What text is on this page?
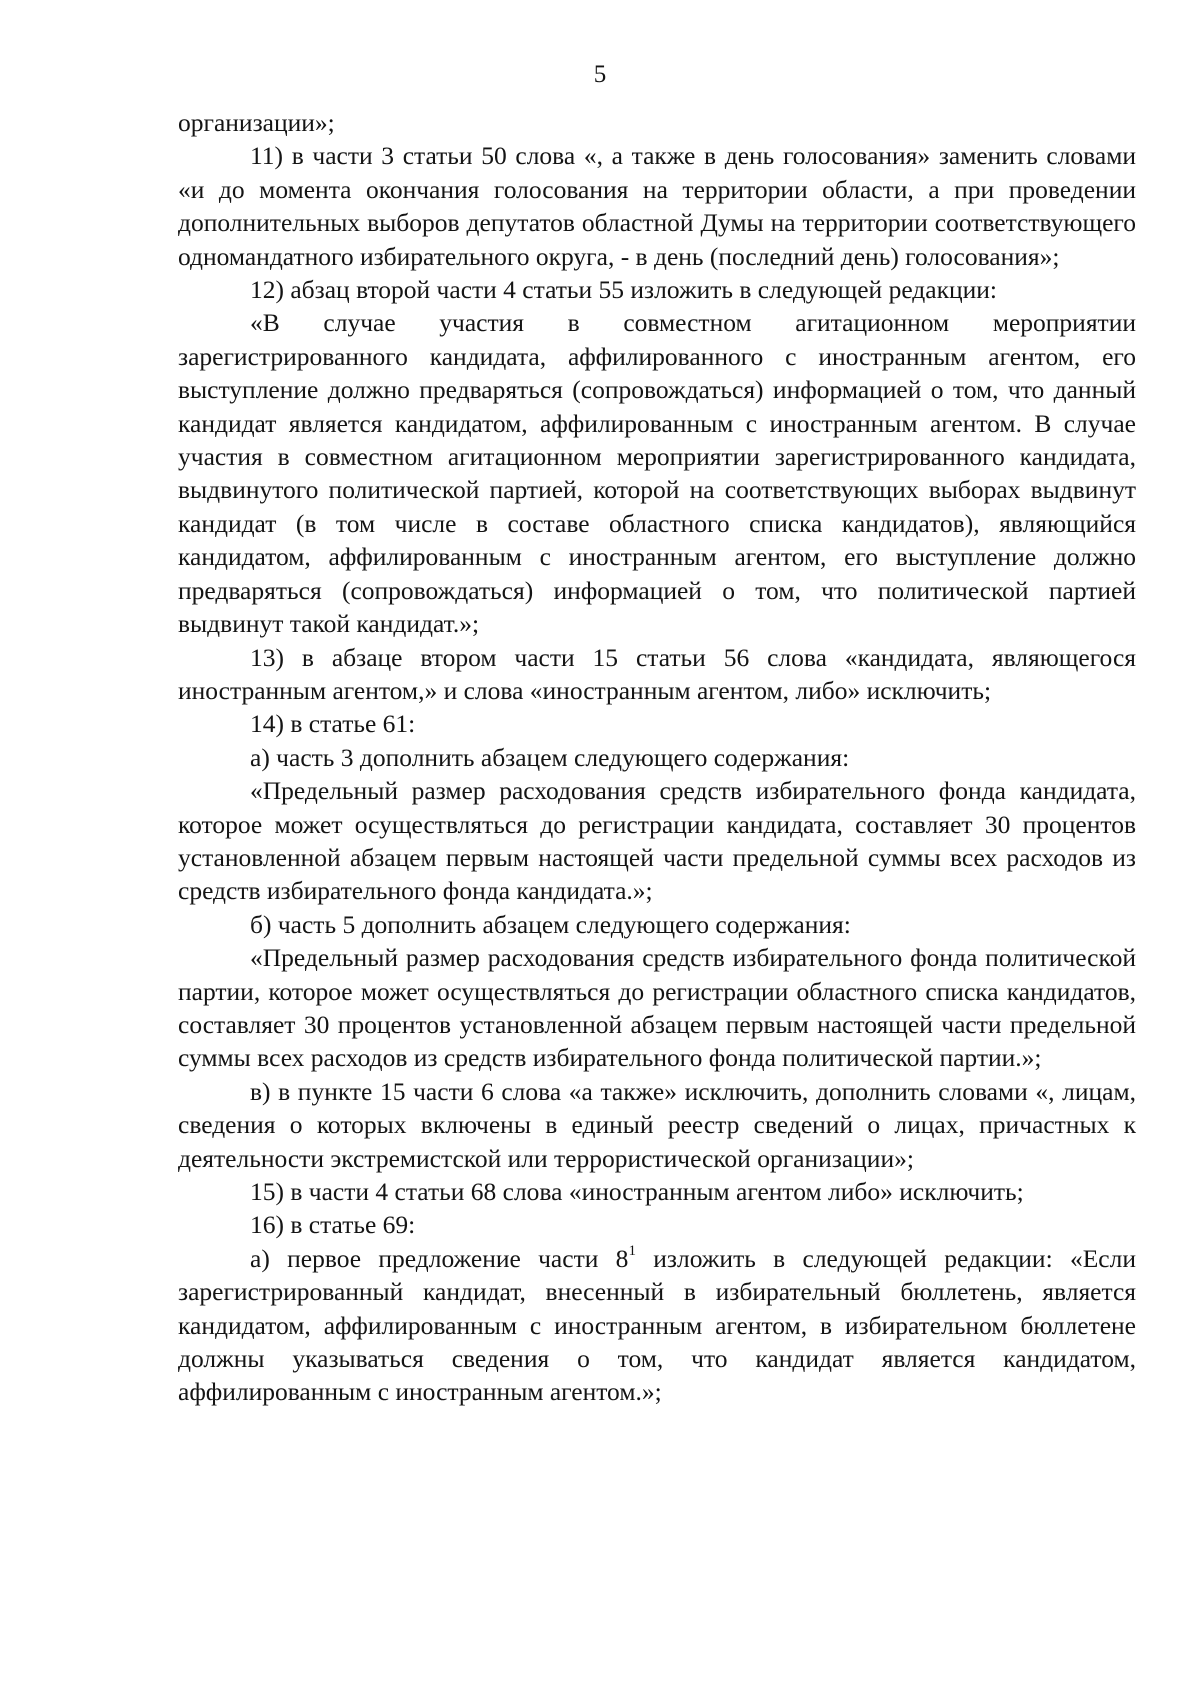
5

организации»;

11) в части 3 статьи 50 слова «, а также в день голосования» заменить словами «и до момента окончания голосования на территории области, а при проведении дополнительных выборов депутатов областной Думы на территории соответствующего одномандатного избирательного округа, - в день (последний день) голосования»;

12) абзац второй части 4 статьи 55 изложить в следующей редакции:

«В случае участия в совместном агитационном мероприятии зарегистрированного кандидата, аффилированного с иностранным агентом, его выступление должно предваряться (сопровождаться) информацией о том, что данный кандидат является кандидатом, аффилированным с иностранным агентом. В случае участия в совместном агитационном мероприятии зарегистрированного кандидата, выдвинутого политической партией, которой на соответствующих выборах выдвинут кандидат (в том числе в составе областного списка кандидатов), являющийся кандидатом, аффилированным с иностранным агентом, его выступление должно предваряться (сопровождаться) информацией о том, что политической партией выдвинут такой кандидат.»;

13) в абзаце втором части 15 статьи 56 слова «кандидата, являющегося иностранным агентом,» и слова «иностранным агентом, либо» исключить;

14) в статье 61:

а) часть 3 дополнить абзацем следующего содержания:

«Предельный размер расходования средств избирательного фонда кандидата, которое может осуществляться до регистрации кандидата, составляет 30 процентов установленной абзацем первым настоящей части предельной суммы всех расходов из средств избирательного фонда кандидата.»;

б) часть 5 дополнить абзацем следующего содержания:

«Предельный размер расходования средств избирательного фонда политической партии, которое может осуществляться до регистрации областного списка кандидатов, составляет 30 процентов установленной абзацем первым настоящей части предельной суммы всех расходов из средств избирательного фонда политической партии.»;

в) в пункте 15 части 6 слова «а также» исключить, дополнить словами «, лицам, сведения о которых включены в единый реестр сведений о лицах, причастных к деятельности экстремистской или террористической организации»;

15) в части 4 статьи 68 слова «иностранным агентом либо» исключить;

16) в статье 69:

а) первое предложение части $8^1$ изложить в следующей редакции: «Если зарегистрированный кандидат, внесенный в избирательный бюллетень, является кандидатом, аффилированным с иностранным агентом, в избирательном бюллетене должны указываться сведения о том, что кандидат является кандидатом, аффилированным с иностранным агентом.»;
